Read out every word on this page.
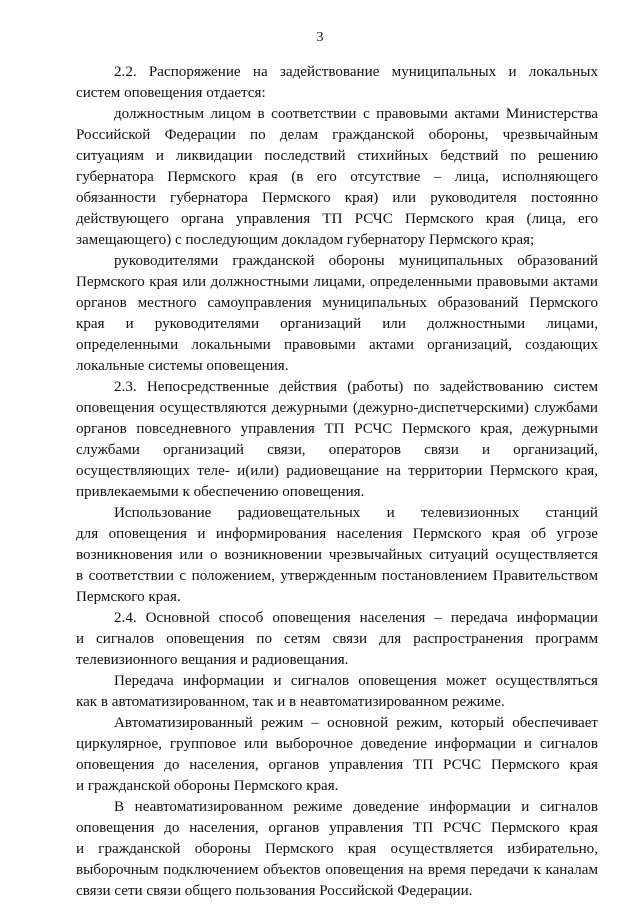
3
2.2. Распоряжение на задействование муниципальных и локальных
систем оповещения отдается:
должностным лицом в соответствии с правовыми актами Министерства
Российской Федерации по делам гражданской обороны, чрезвычайным
ситуациям и ликвидации последствий стихийных бедствий по решению
губернатора Пермского края (в его отсутствие – лица, исполняющего
обязанности губернатора Пермского края) или руководителя постоянно
действующего органа управления ТП РСЧС Пермского края (лица, его
замещающего) с последующим докладом губернатору Пермского края;
руководителями гражданской обороны муниципальных образований
Пермского края или должностными лицами, определенными правовыми актами
органов местного самоуправления муниципальных образований Пермского
края и руководителями организаций или должностными лицами,
определенными локальными правовыми актами организаций, создающих
локальные системы оповещения.
2.3. Непосредственные действия (работы) по задействованию систем
оповещения осуществляются дежурными (дежурно-диспетчерскими) службами
органов повседневного управления ТП РСЧС Пермского края, дежурными
службами организаций связи, операторов связи и организаций,
осуществляющих теле- и(или) радиовещание на территории Пермского края,
привлекаемыми к обеспечению оповещения.
Использование радиовещательных и телевизионных станций
для оповещения и информирования населения Пермского края об угрозе
возникновения или о возникновении чрезвычайных ситуаций осуществляется
в соответствии с положением, утвержденным постановлением Правительством
Пермского края.
2.4. Основной способ оповещения населения – передача информации
и сигналов оповещения по сетям связи для распространения программ
телевизионного вещания и радиовещания.
Передача информации и сигналов оповещения может осуществляться
как в автоматизированном, так и в неавтоматизированном режиме.
Автоматизированный режим – основной режим, который обеспечивает
циркулярное, групповое или выборочное доведение информации и сигналов
оповещения до населения, органов управления ТП РСЧС Пермского края
и гражданской обороны Пермского края.
В неавтоматизированном режиме доведение информации и сигналов
оповещения до населения, органов управления ТП РСЧС Пермского края
и гражданской обороны Пермского края осуществляется избирательно,
выборочным подключением объектов оповещения на время передачи к каналам
связи сети связи общего пользования Российской Федерации.
